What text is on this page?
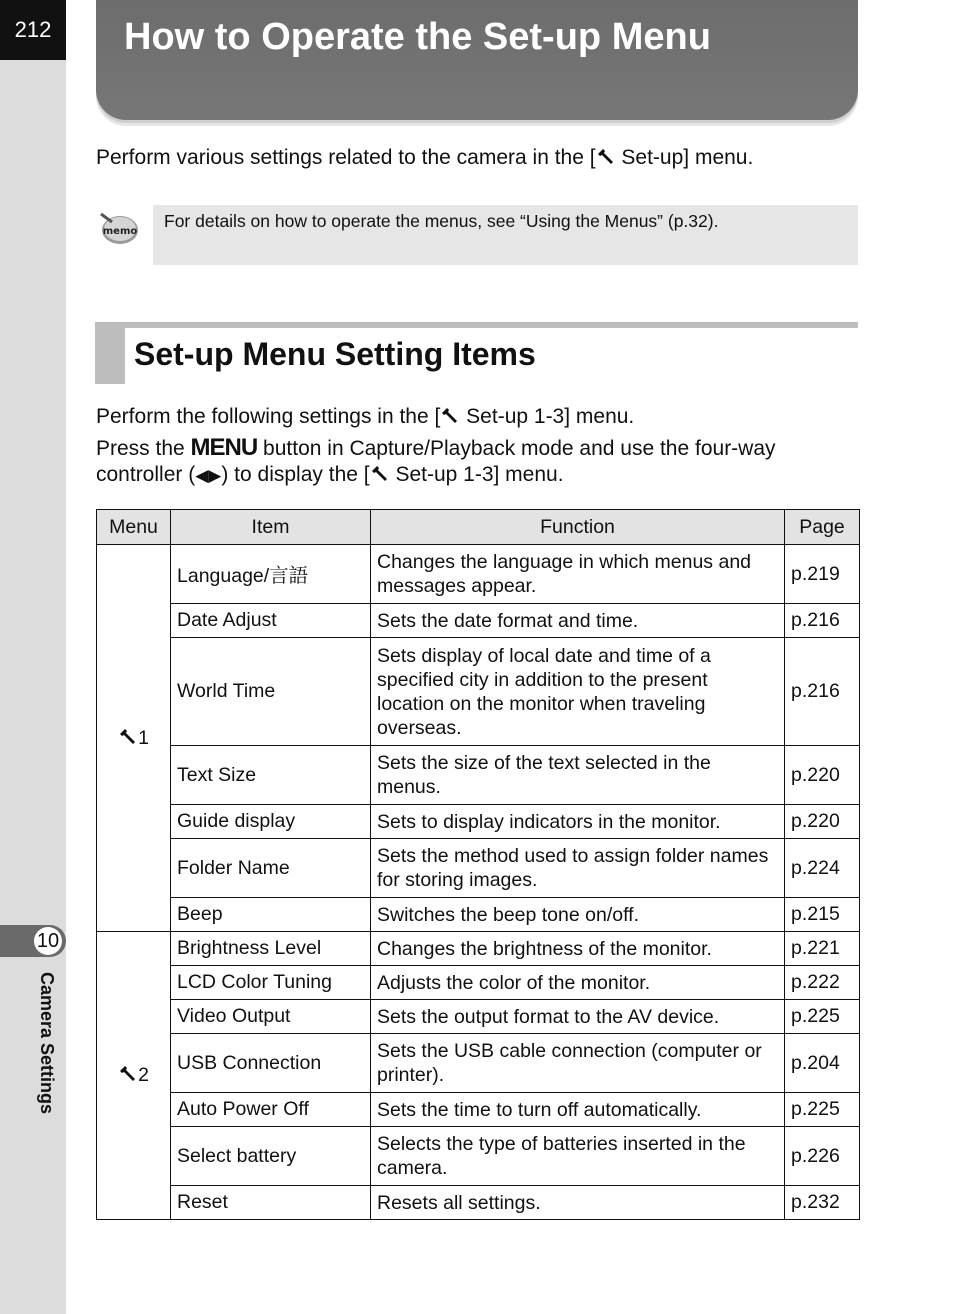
212
10
Camera Settings
How to Operate the Set-up Menu

Perform various settings related to the camera in the [ Set-up] menu.

memo

For details on how to operate the menus, see “Using the Menus” (p.32).

Set-up Menu Setting Items

Perform the following settings in the [ Set-up 1-3] menu.

Press the MENU button in Capture/Playback mode and use the four-way

controller (◀▶) to display the [ Set-up 1-3] menu.

Menu	Item	Function	Page
1	Language/言語	Changes the language in which menus and messages appear.	p.219
	Date Adjust	Sets the date format and time.	p.216
	World Time	Sets display of local date and time of a specified city in addition to the present location on the monitor when traveling overseas.	p.216
	Text Size	Sets the size of the text selected in the menus.	p.220
	Guide display	Sets to display indicators in the monitor.	p.220
	Folder Name	Sets the method used to assign folder names for storing images.	p.224
	Beep	Switches the beep tone on/off.	p.215
2	Brightness Level	Changes the brightness of the monitor.	p.221
	LCD Color Tuning	Adjusts the color of the monitor.	p.222
	Video Output	Sets the output format to the AV device.	p.225
	USB Connection	Sets the USB cable connection (computer or printer).	p.204
	Auto Power Off	Sets the time to turn off automatically.	p.225
	Select battery	Selects the type of batteries inserted in the camera.	p.226
	Reset	Resets all settings.	p.232
